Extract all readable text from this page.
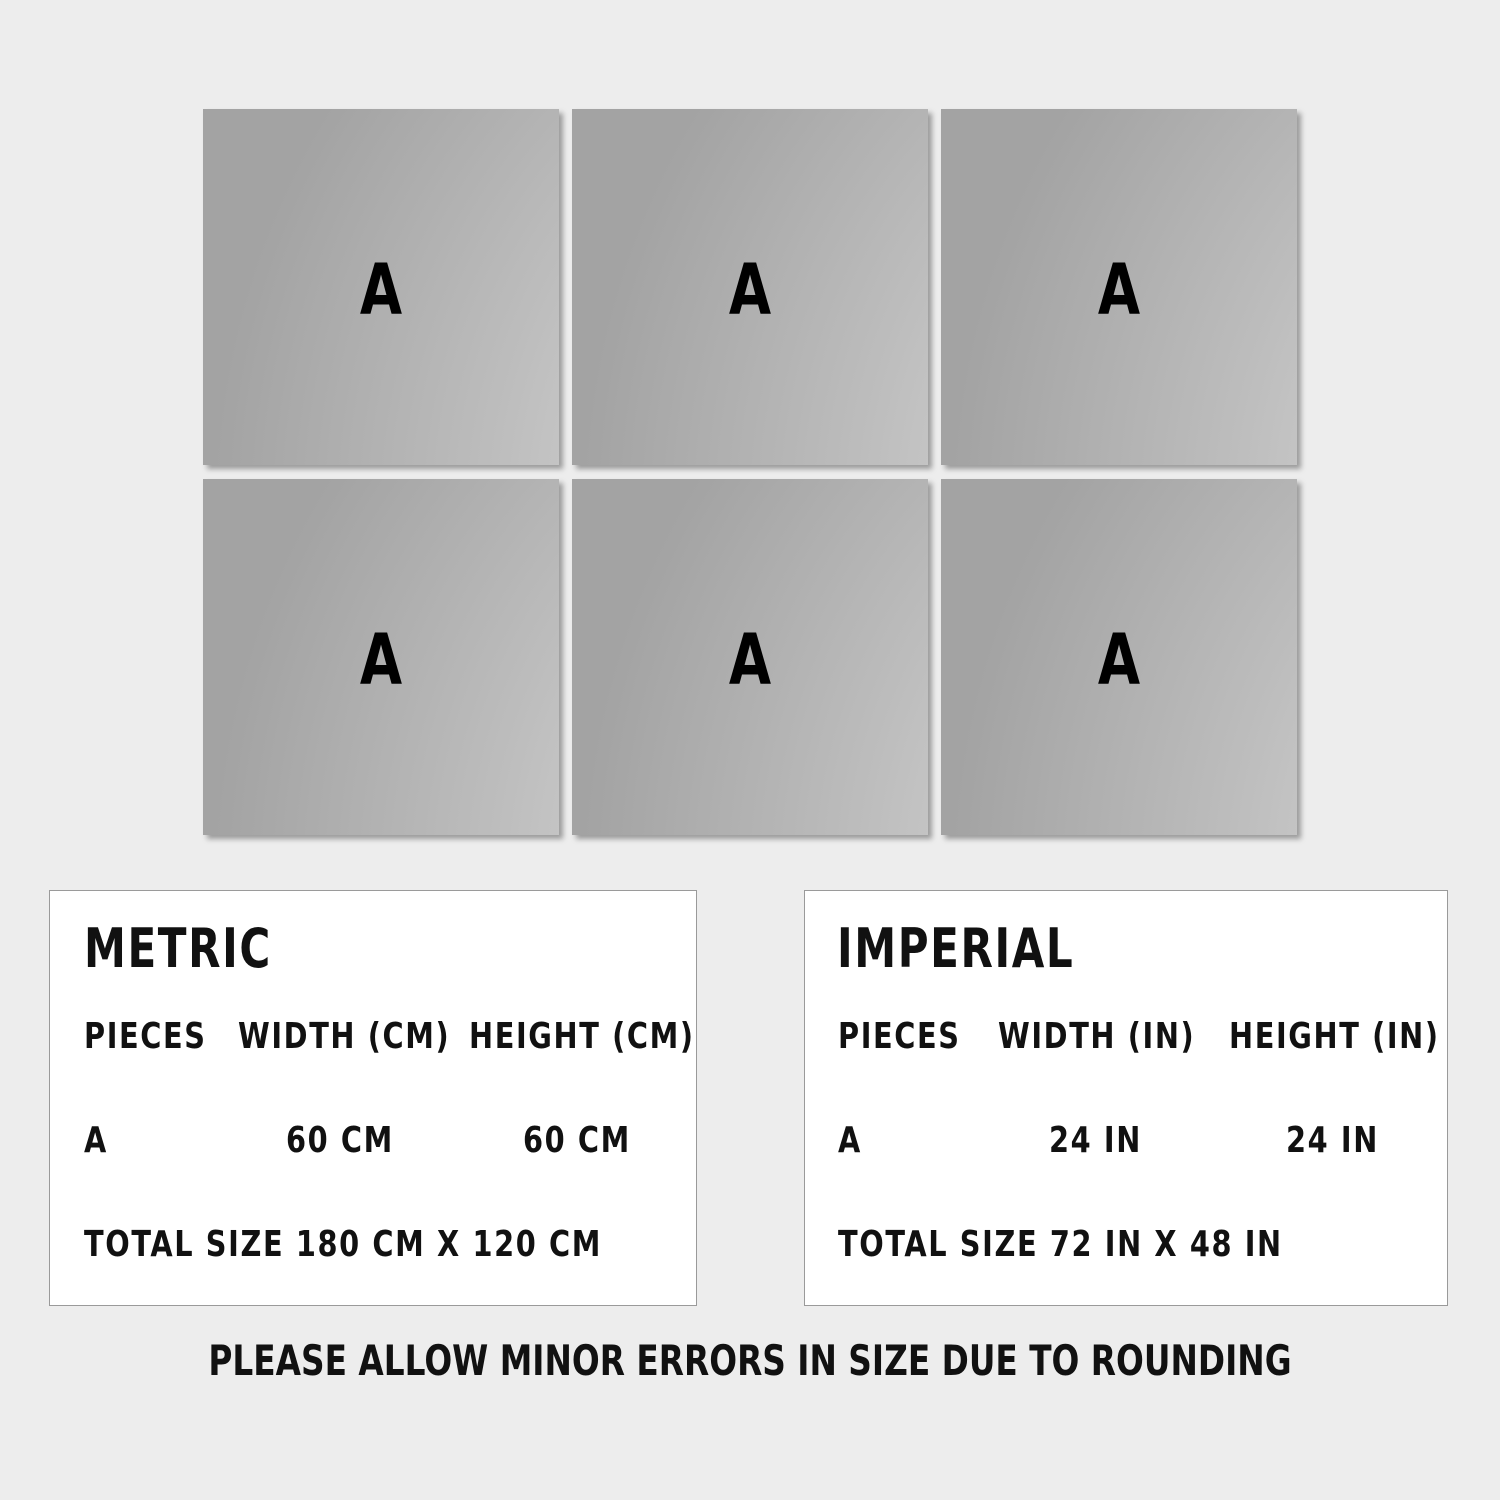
A	A	A
A	A	A
METRIC
PIECES WIDTH (CM) HEIGHT (CM)
A	60 CM	60 CM
TOTAL SIZE 180 CM X 120 CM
IMPERIAL
PIECES WIDTH (IN) HEIGHT (IN)
A	24 IN	24 IN
TOTAL SIZE 72 IN X 48 IN
PLEASE ALLOW MINOR ERRORS IN SIZE DUE TO ROUNDING
